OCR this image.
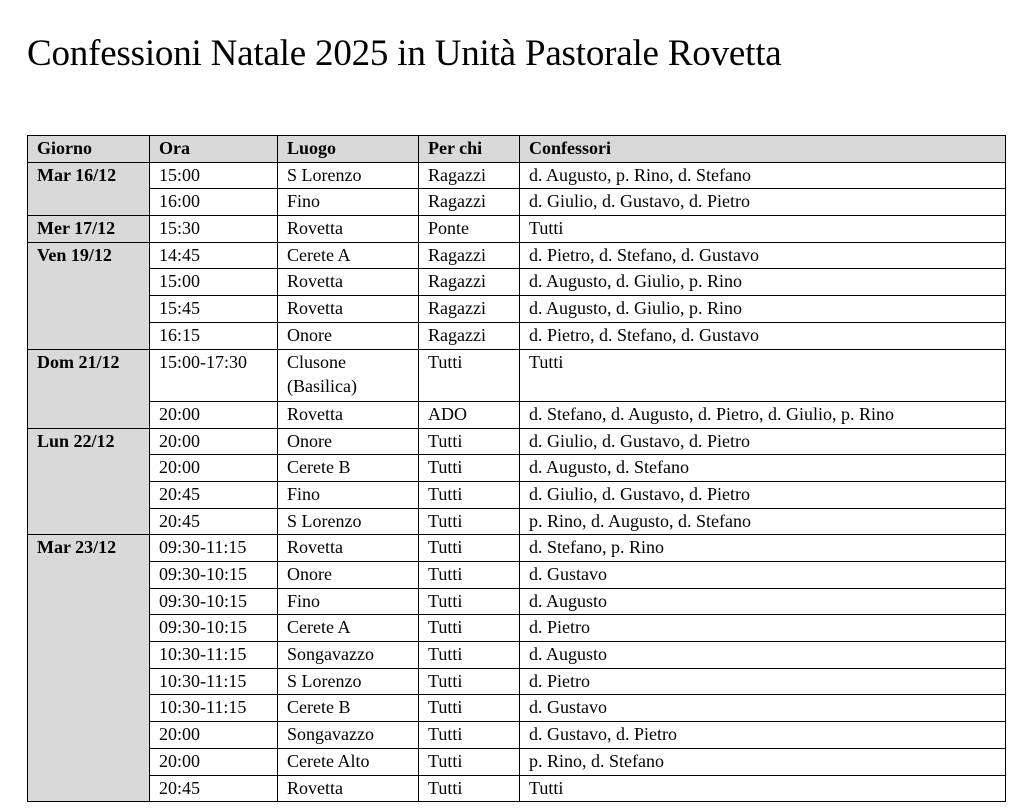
Confessioni Natale 2025 in Unità Pastorale Rovetta
Giorno	Ora	Luogo	Per chi	Confessori
Mar 16/12	15:00	S Lorenzo	Ragazzi	d. Augusto, p. Rino, d. Stefano
	16:00	Fino	Ragazzi	d. Giulio, d. Gustavo, d. Pietro
Mer 17/12	15:30	Rovetta	Ponte	Tutti
Ven 19/12	14:45	Cerete A	Ragazzi	d. Pietro, d. Stefano, d. Gustavo
	15:00	Rovetta	Ragazzi	d. Augusto, d. Giulio, p. Rino
	15:45	Rovetta	Ragazzi	d. Augusto, d. Giulio, p. Rino
	16:15	Onore	Ragazzi	d. Pietro, d. Stefano, d. Gustavo
Dom 21/12	15:00-17:30	Clusone (Basilica)	Tutti	Tutti
	20:00	Rovetta	ADO	d. Stefano, d. Augusto, d. Pietro, d. Giulio, p. Rino
Lun 22/12	20:00	Onore	Tutti	d. Giulio, d. Gustavo, d. Pietro
	20:00	Cerete B	Tutti	d. Augusto, d. Stefano
	20:45	Fino	Tutti	d. Giulio, d. Gustavo, d. Pietro
	20:45	S Lorenzo	Tutti	p. Rino, d. Augusto, d. Stefano
Mar 23/12	09:30-11:15	Rovetta	Tutti	d. Stefano, p. Rino
	09:30-10:15	Onore	Tutti	d. Gustavo
	09:30-10:15	Fino	Tutti	d. Augusto
	09:30-10:15	Cerete A	Tutti	d. Pietro
	10:30-11:15	Songavazzo	Tutti	d. Augusto
	10:30-11:15	S Lorenzo	Tutti	d. Pietro
	10:30-11:15	Cerete B	Tutti	d. Gustavo
	20:00	Songavazzo	Tutti	d. Gustavo, d. Pietro
	20:00	Cerete Alto	Tutti	p. Rino, d. Stefano
	20:45	Rovetta	Tutti	Tutti
